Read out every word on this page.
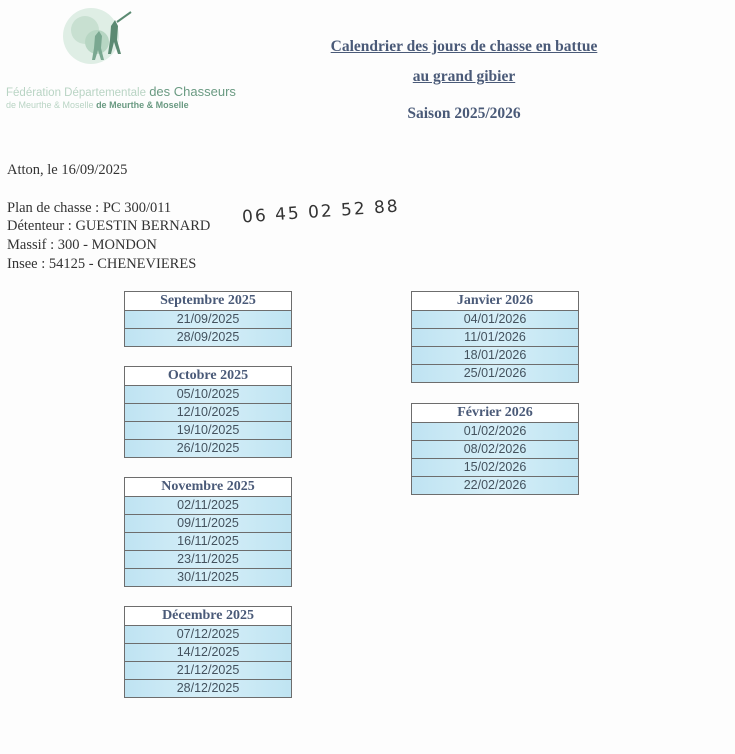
Fédération Départementale des Chasseurs
de Meurthe & Moselle de Meurthe & Moselle
Calendrier des jours de chasse en battue
au grand gibier
Saison 2025/2026
Atton, le 16/09/2025
Plan de chasse : PC 300/011
Détenteur : GUESTIN BERNARD 06 45 02 52 88
Massif : 300 - MONDON
Insee : 54125 - CHENEVIERES
Septembre 2025
21/09/2025
28/09/2025
Octobre 2025
05/10/2025
12/10/2025
19/10/2025
26/10/2025
Novembre 2025
02/11/2025
09/11/2025
16/11/2025
23/11/2025
30/11/2025
Décembre 2025
07/12/2025
14/12/2025
21/12/2025
28/12/2025
Janvier 2026
04/01/2026
11/01/2026
18/01/2026
25/01/2026
Février 2026
01/02/2026
08/02/2026
15/02/2026
22/02/2026
